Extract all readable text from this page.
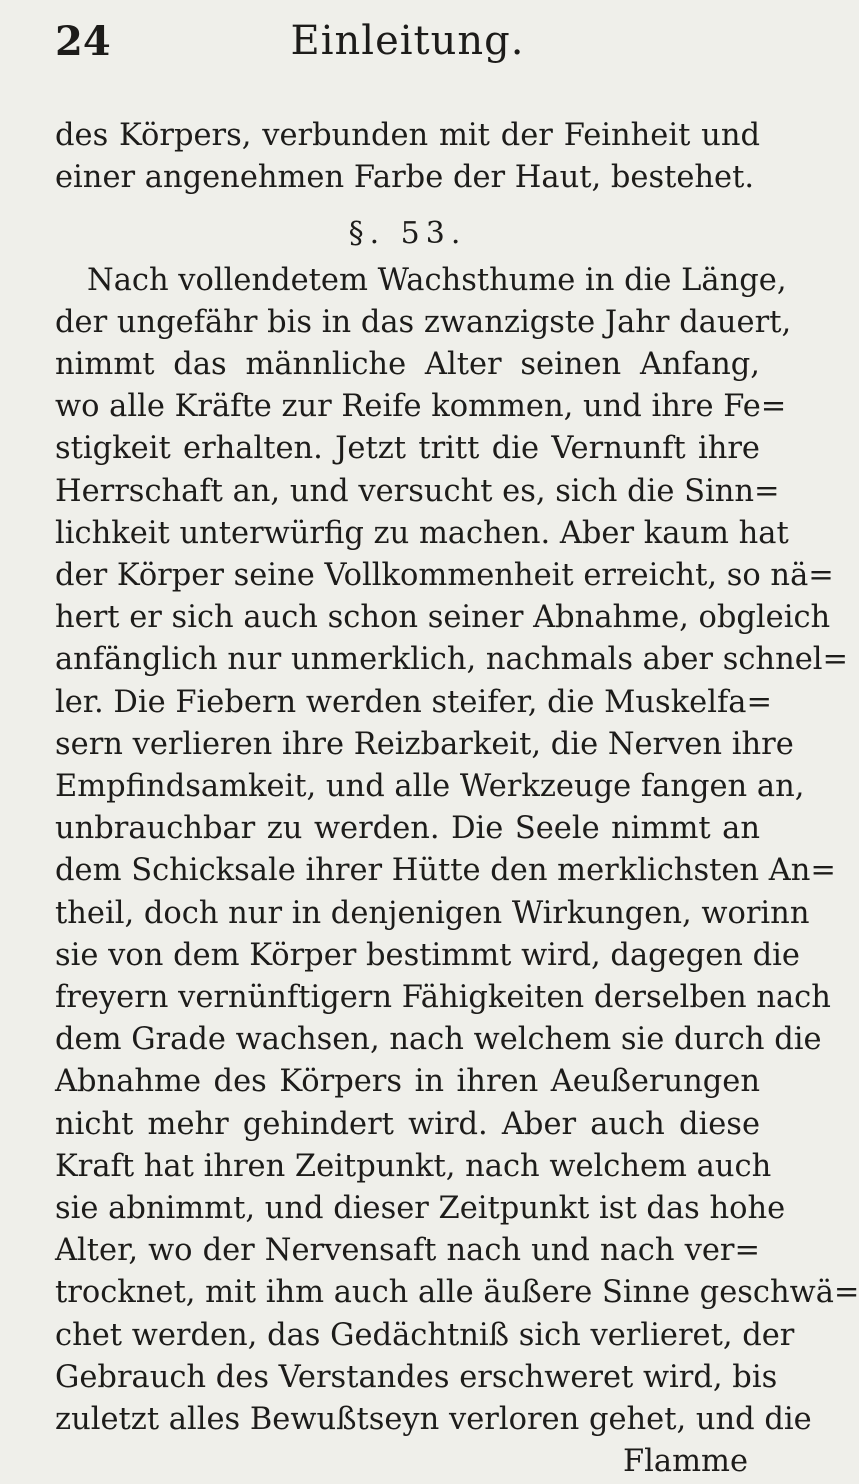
24	Einleitung.
des Körpers, verbunden mit der Feinheit und
einer angenehmen Farbe der Haut, bestehet.
§. 53.
Nach vollendetem Wachsthume in die Länge,
der ungefähr bis in das zwanzigste Jahr dauert,
nimmt das männliche Alter seinen Anfang,
wo alle Kräfte zur Reife kommen, und ihre Fe=
stigkeit erhalten. Jetzt tritt die Vernunft ihre
Herrschaft an, und versucht es, sich die Sinn=
lichkeit unterwürfig zu machen. Aber kaum hat
der Körper seine Vollkommenheit erreicht, so nä=
hert er sich auch schon seiner Abnahme, obgleich
anfänglich nur unmerklich, nachmals aber schnel=
ler. Die Fiebern werden steifer, die Muskelfa=
sern verlieren ihre Reizbarkeit, die Nerven ihre
Empfindsamkeit, und alle Werkzeuge fangen an,
unbrauchbar zu werden. Die Seele nimmt an
dem Schicksale ihrer Hütte den merklichsten An=
theil, doch nur in denjenigen Wirkungen, worinn
sie von dem Körper bestimmt wird, dagegen die
freyern vernünftigern Fähigkeiten derselben nach
dem Grade wachsen, nach welchem sie durch die
Abnahme des Körpers in ihren Aeußerungen
nicht mehr gehindert wird. Aber auch diese
Kraft hat ihren Zeitpunkt, nach welchem auch
sie abnimmt, und dieser Zeitpunkt ist das hohe
Alter, wo der Nervensaft nach und nach ver=
trocknet, mit ihm auch alle äußere Sinne geschwä=
chet werden, das Gedächtniß sich verlieret, der
Gebrauch des Verstandes erschweret wird, bis
zuletzt alles Bewußtseyn verloren gehet, und die
Flamme
